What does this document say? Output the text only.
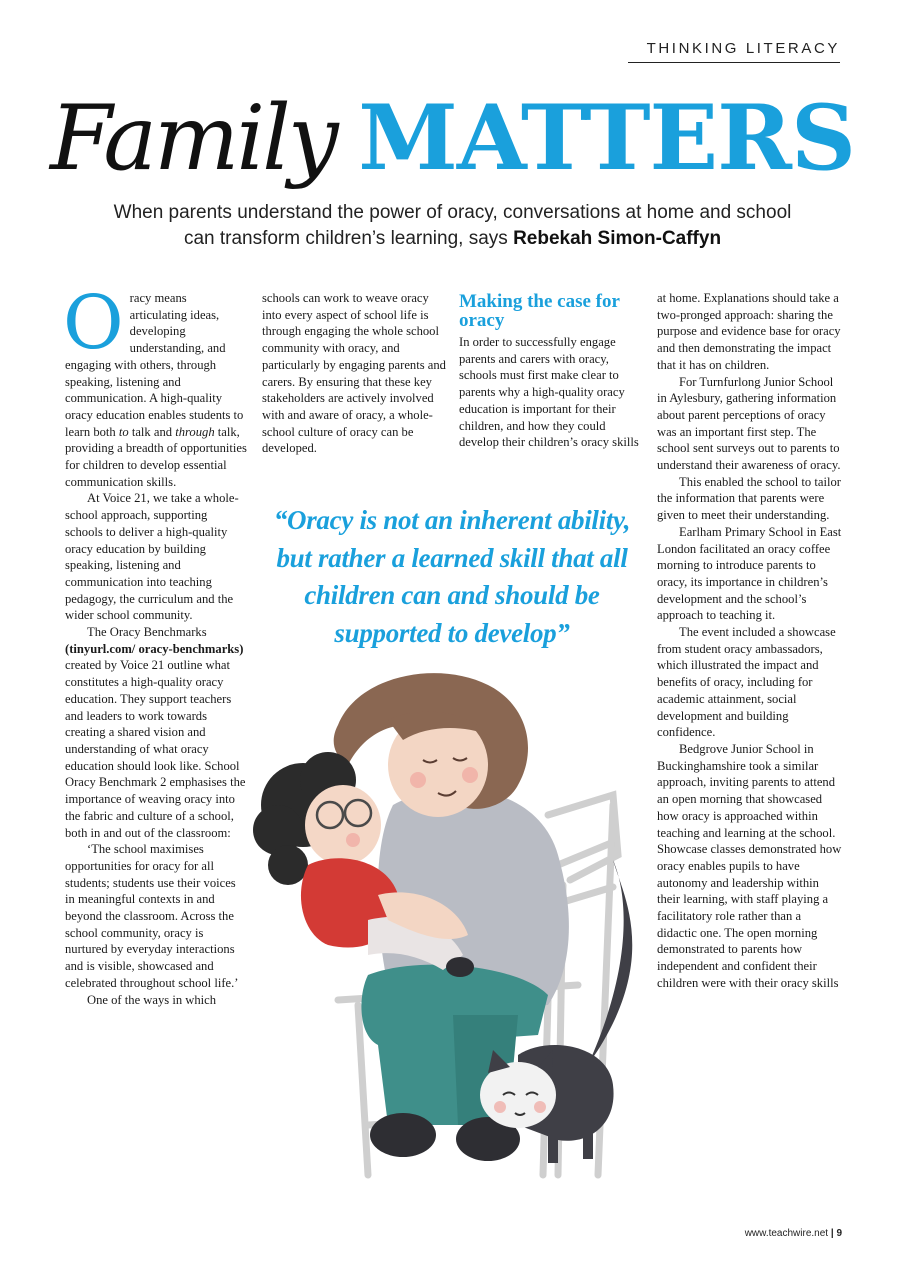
THINKING LITERACY
Family MATTERS
When parents understand the power of oracy, conversations at home and school
can transform children’s learning, says Rebekah Simon-Caffyn

Oracy means articulating ideas, developing understanding, and engaging with others, through speaking, listening and communication. A high-quality oracy education enables students to learn both to talk and through talk, providing a breadth of opportunities for children to develop essential communication skills.

At Voice 21, we take a whole-school approach, supporting schools to deliver a high-quality oracy education by building speaking, listening and communication into teaching pedagogy, the curriculum and the wider school community.

The Oracy Benchmarks (tinyurl.com/ oracy-benchmarks) created by Voice 21 outline what constitutes a high-quality oracy education. They support teachers and leaders to work towards creating a shared vision and understanding of what oracy education should look like. School Oracy Benchmark 2 emphasises the importance of weaving oracy into the fabric and culture of a school, both in and out of the classroom:

‘The school maximises opportunities for oracy for all students; students use their voices in meaningful contexts in and beyond the classroom. Across the school community, oracy is nurtured by everyday interactions and is visible, showcased and celebrated throughout school life.’

One of the ways in which

schools can work to weave oracy into every aspect of school life is through engaging the whole school community with oracy, and particularly by engaging parents and carers. By ensuring that these key stakeholders are actively involved with and aware of oracy, a whole-school culture of oracy can be developed.

Making the case for oracy

In order to successfully engage parents and carers with oracy, schools must first make clear to parents why a high-quality oracy education is important for their children, and how they could develop their children’s oracy skills

at home. Explanations should take a two-pronged approach: sharing the purpose and evidence base for oracy and then demonstrating the impact that it has on children.

For Turnfurlong Junior School in Aylesbury, gathering information about parent perceptions of oracy was an important first step. The school sent surveys out to parents to understand their awareness of oracy.

This enabled the school to tailor the information that parents were given to meet their understanding.

Earlham Primary School in East London facilitated an oracy coffee morning to introduce parents to oracy, its importance in children’s development and the school’s approach to teaching it.

The event included a showcase from student oracy ambassadors, which illustrated the impact and benefits of oracy, including for academic attainment, social development and building confidence.

Bedgrove Junior School in Buckinghamshire took a similar approach, inviting parents to attend an open morning that showcased how oracy is approached within teaching and learning at the school. Showcase classes demonstrated how oracy enables pupils to have autonomy and leadership within their learning, with staff playing a facilitatory role rather than a didactic one. The open morning demonstrated to parents how independent and confident their children were with their oracy skills

“Oracy is not an inherent ability, but rather a learned skill that all children can and should be supported to develop”
www.teachwire.net | 9
